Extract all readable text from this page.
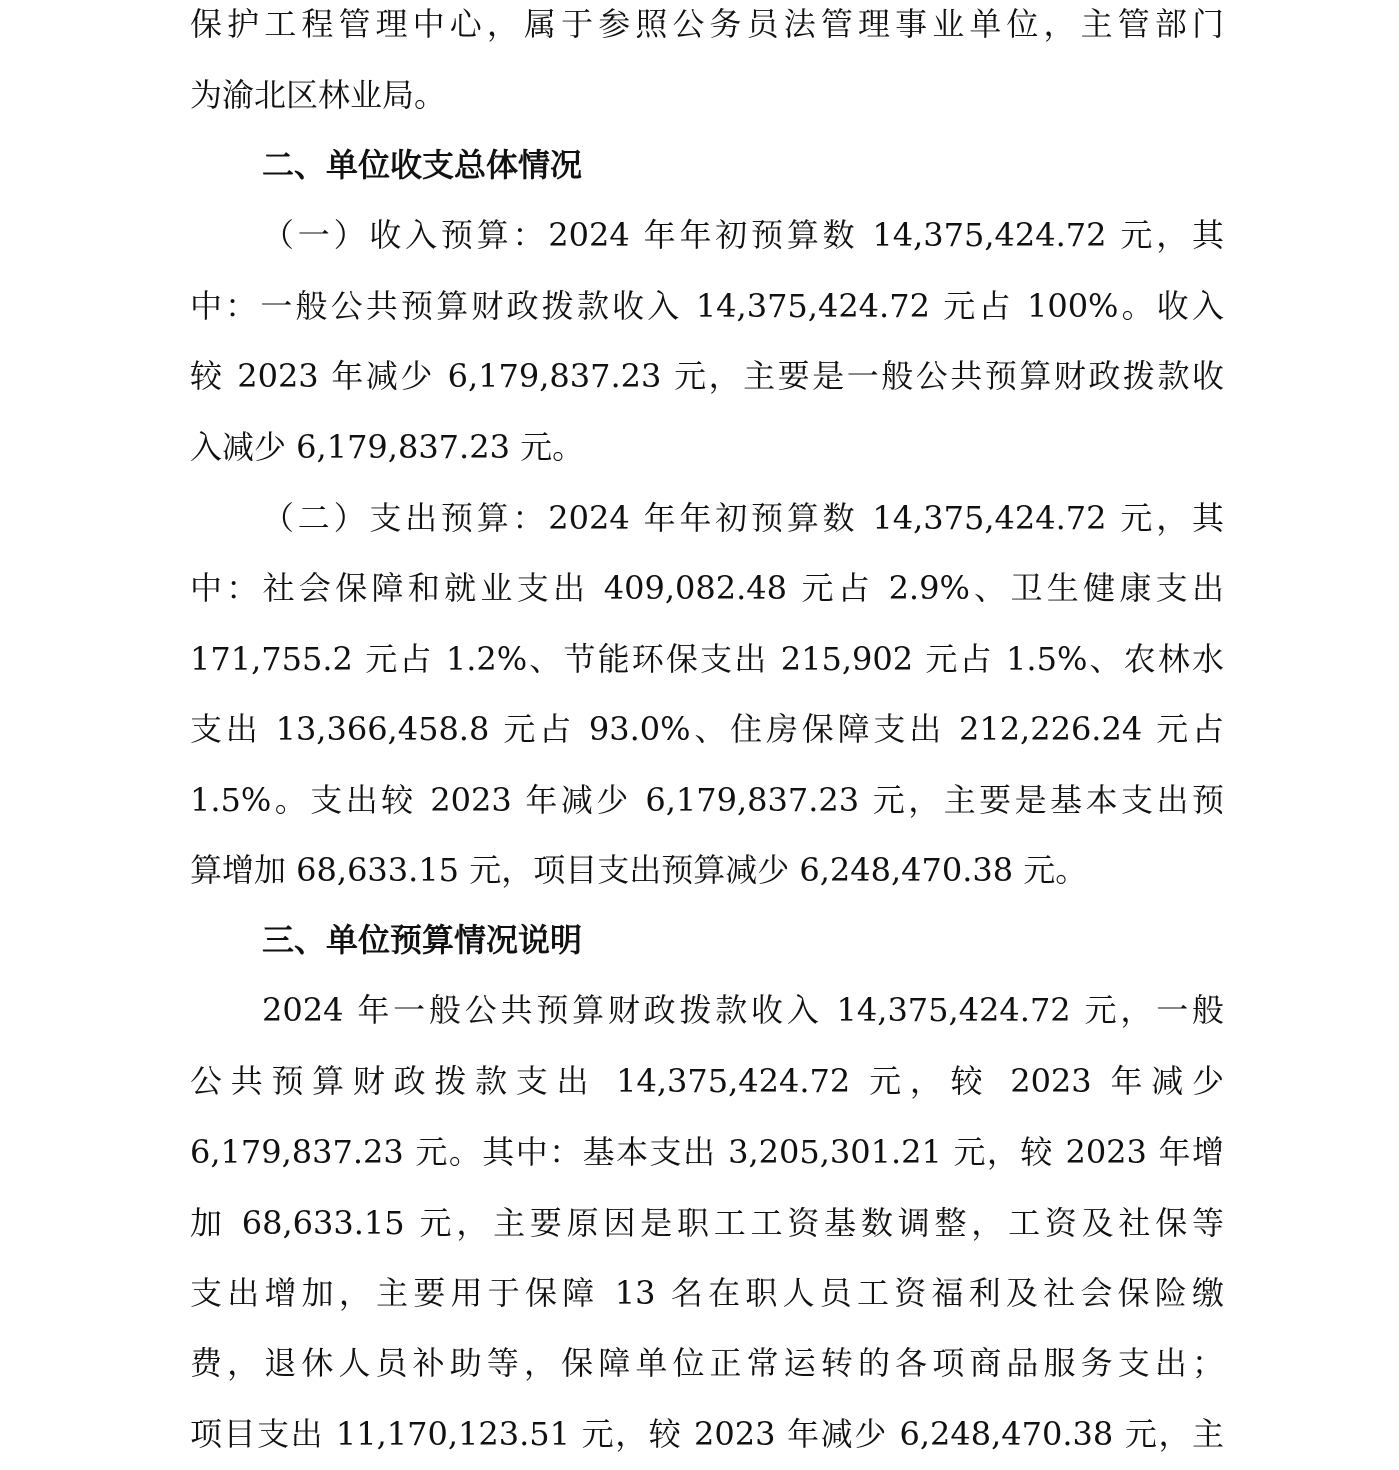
保护工程管理中心，属于参照公务员法管理事业单位，主管部门
为渝北区林业局。
二、单位收支总体情况
（一）收入预算：2024 年年初预算数 14,375,424.72 元，其
中：一般公共预算财政拨款收入 14,375,424.72 元占 100%。收入
较 2023 年减少 6,179,837.23 元，主要是一般公共预算财政拨款收
入减少 6,179,837.23 元。
（二）支出预算：2024 年年初预算数 14,375,424.72 元，其
中：社会保障和就业支出 409,082.48 元占 2.9%、卫生健康支出
171,755.2 元占 1.2%、节能环保支出 215,902 元占 1.5%、农林水
支出 13,366,458.8 元占 93.0%、住房保障支出 212,226.24 元占
1.5%。支出较 2023 年减少 6,179,837.23 元，主要是基本支出预
算增加 68,633.15 元，项目支出预算减少 6,248,470.38 元。
三、单位预算情况说明
2024 年一般公共预算财政拨款收入 14,375,424.72 元，一般
公共预算财政拨款支出 14,375,424.72 元，较 2023 年减少
6,179,837.23 元。其中：基本支出 3,205,301.21 元，较 2023 年增
加 68,633.15 元，主要原因是职工工资基数调整，工资及社保等
支出增加，主要用于保障 13 名在职人员工资福利及社会保险缴
费，退休人员补助等，保障单位正常运转的各项商品服务支出；
项目支出 11,170,123.51 元，较 2023 年减少 6,248,470.38 元，主
